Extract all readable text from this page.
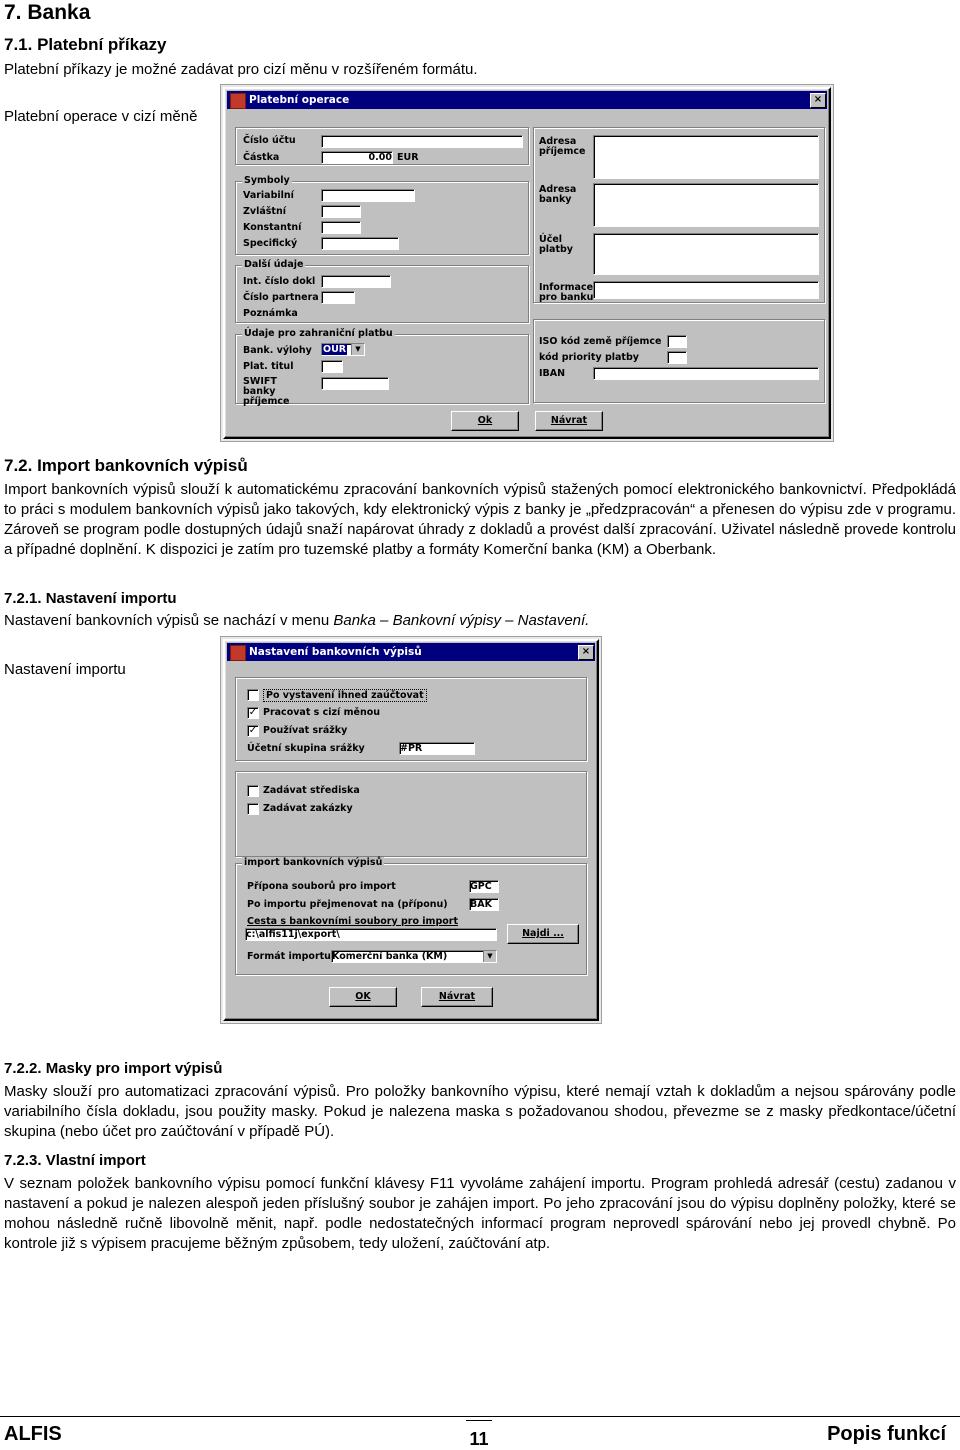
7. Banka
7.1. Platební příkazy
Platební příkazy je možné zadávat pro cizí měnu v rozšířeném formátu.
Platební operace v cizí měně
Platební operace	×
Číslo účtu
Částka	0.00 EUR
Symboly
Variabilní
Zvláštní
Konstantní
Specifický
Další údaje
Int. číslo dokl
Číslo partnera
Poznámka
Údaje pro zahraniční platbu
Bank. výlohy OUR	▼
Plat. titul
SWIFT banky příjemce
Adresa příjemce
Adresa banky
Účel platby
Informace pro banku
ISO kód země příjemce
kód priority platby
IBAN
Ok	Návrat
7.2. Import bankovních výpisů
Import bankovních výpisů slouží k automatickému zpracování bankovních výpisů stažených pomocí elektronického bankovnictví. Předpokládá to práci s modulem bankovních výpisů jako takových, kdy elektronický výpis z banky je „předzpracován“ a přenesen do výpisu zde v programu. Zároveň se program podle dostupných údajů snaží napárovat úhrady z dokladů a provést další zpracování. Uživatel následně provede kontrolu a případné doplnění. K dispozici je zatím pro tuzemské platby a formáty Komerční banka (KM) a Oberbank.
7.2.1. Nastavení importu
Nastavení bankovních výpisů se nachází v menu Banka – Bankovní výpisy – Nastavení.
Nastavení importu
Nastavení bankovních výpisů	×
Po vystavení ihned zaúčtovat
✓ Pracovat s cizí měnou
✓ Používat srážky
Účetní skupina srážky	#PR
Zadávat střediska
Zadávat zakázky
import bankovních výpisů
Přípona souborů pro import	GPC
Po importu přejmenovat na (příponu) BAK
Cesta s bankovními soubory pro import
c:\alfis11j\export\	Najdi ...
Formát importu Komerční banka (KM)	▼
OK	Návrat
7.2.2. Masky pro import výpisů
Masky slouží pro automatizaci zpracování výpisů. Pro položky bankovního výpisu, které nemají vztah k dokladům a nejsou spárovány podle variabilního čísla dokladu, jsou použity masky. Pokud je nalezena maska s požadovanou shodou, převezme se z masky předkontace/účetní skupina (nebo účet pro zaúčtování v případě PÚ).
7.2.3. Vlastní import
V seznam položek bankovního výpisu pomocí funkční klávesy F11 vyvoláme zahájení importu. Program prohledá adresář (cestu) zadanou v nastavení a pokud je nalezen alespoň jeden příslušný soubor je zahájen import. Po jeho zpracování jsou do výpisu doplněny položky, které se mohou následně ručně libovolně měnit, např. podle nedostatečných informací program neprovedl spárování nebo jej provedl chybně. Po kontrole již s výpisem pracujeme běžným způsobem, tedy uložení, zaúčtování atp.
ALFIS	11	Popis funkcí
